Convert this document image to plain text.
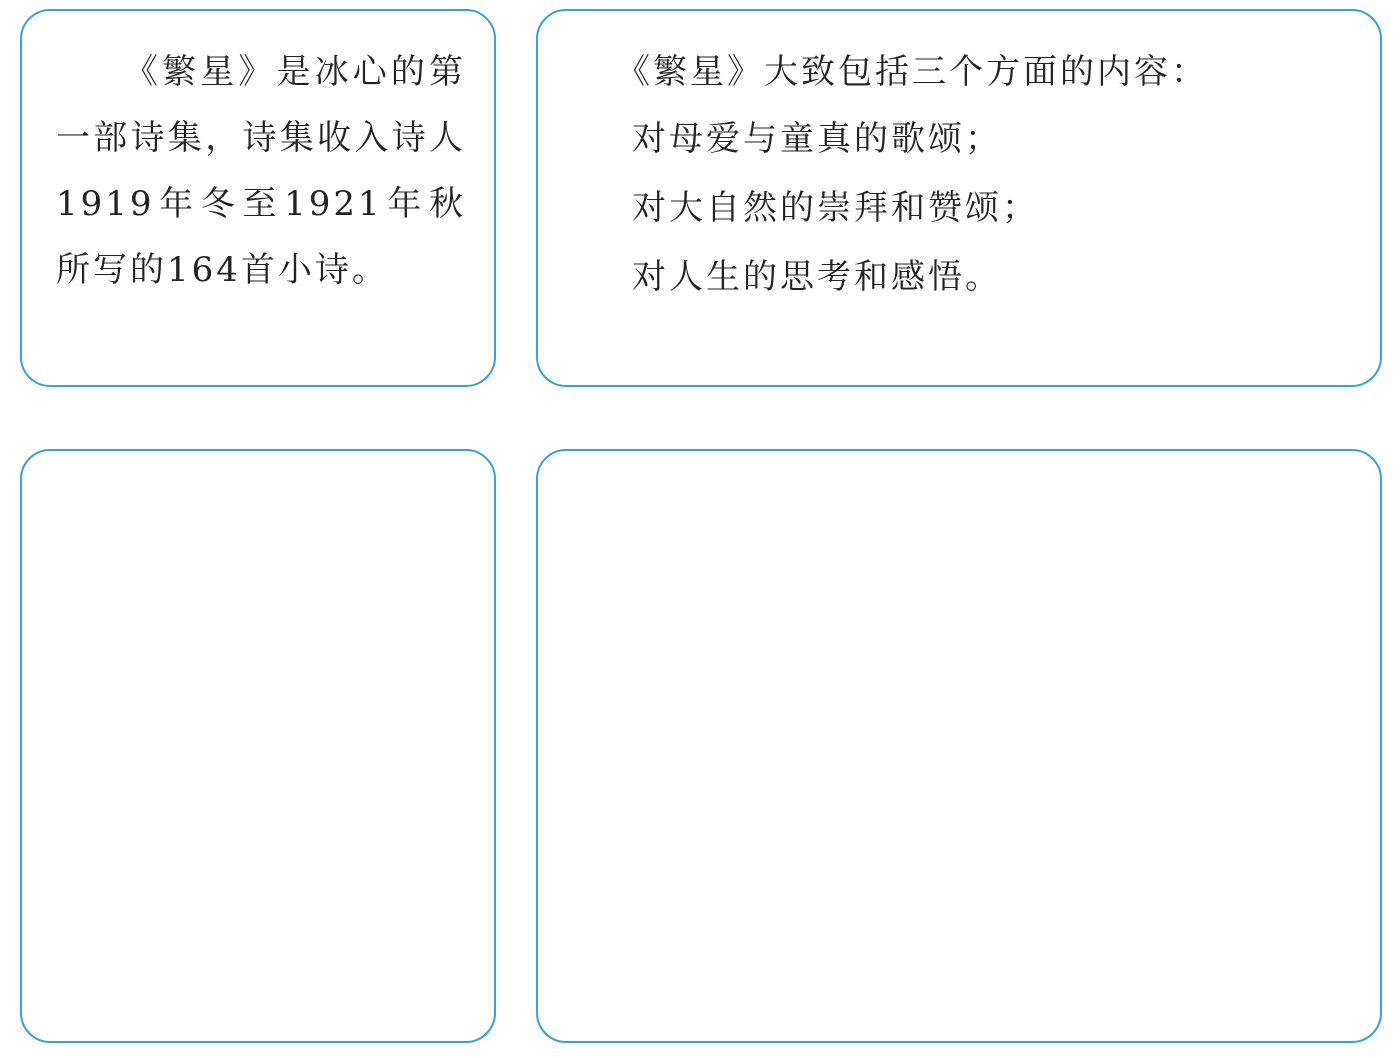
《繁星》是冰心的第一部诗集，诗集收入诗人1919年冬至1921年秋所写的164首小诗。

《繁星》大致包括三个方面的内容：

对母爱与童真的歌颂；
对大自然的崇拜和赞颂；
对人生的思考和感悟。
